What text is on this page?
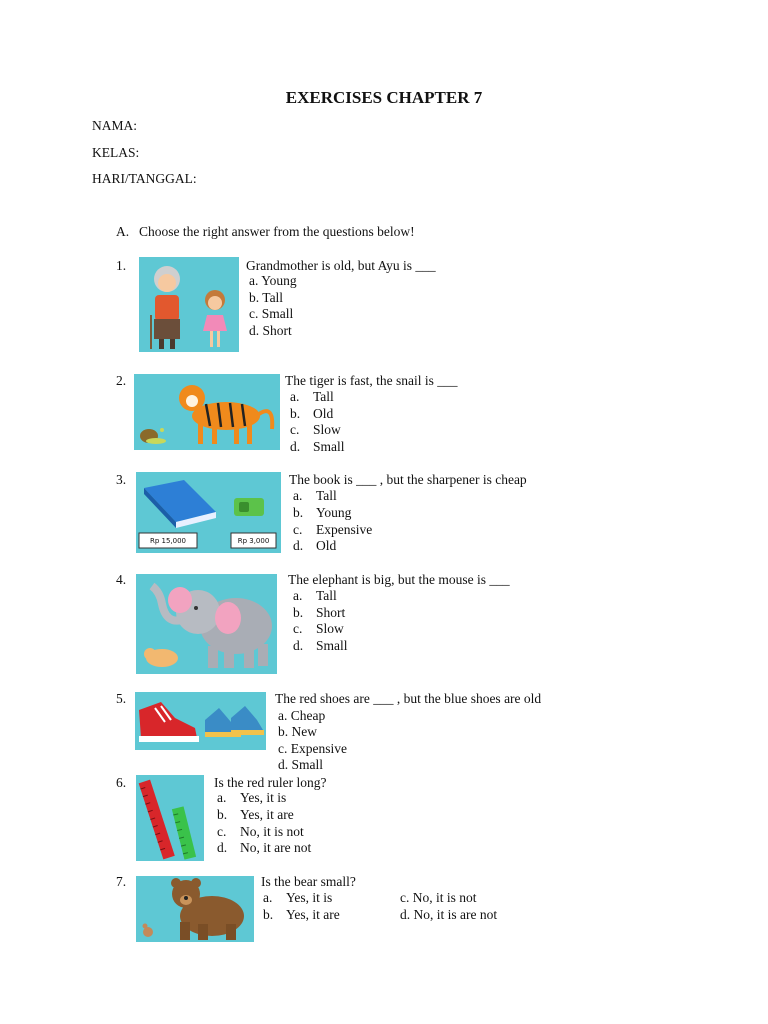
EXERCISES CHAPTER 7
NAMA:
KELAS:
HARI/TANGGAL:
A. Choose the right answer from the questions below!
1.	Grandmother is old, but Ayu is ___
a. Young
b. Tall
c. Small
d. Short
2.	The tiger is fast, the snail is ___
a. Tall
b. Old
c. Slow
d. Small
3.
Rp 15,000	Rp 3,000
The book is ___ , but the sharpener is cheap
a. Tall
b. Young
c. Expensive
d. Old
4.	The elephant is big, but the mouse is ___
a. Tall
b. Short
c. Slow
d. Small
5.	The red shoes are ___ , but the blue shoes are old
a. Cheap
b. New
c. Expensive
d. Small
6.	Is the red ruler long?
a. Yes, it is
b. Yes, it are
c. No, it is not
d. No, it are not
7.	Is the bear small?
a. Yes, it is
b. Yes, it are
c. No, it is not
d. No, it is are not
